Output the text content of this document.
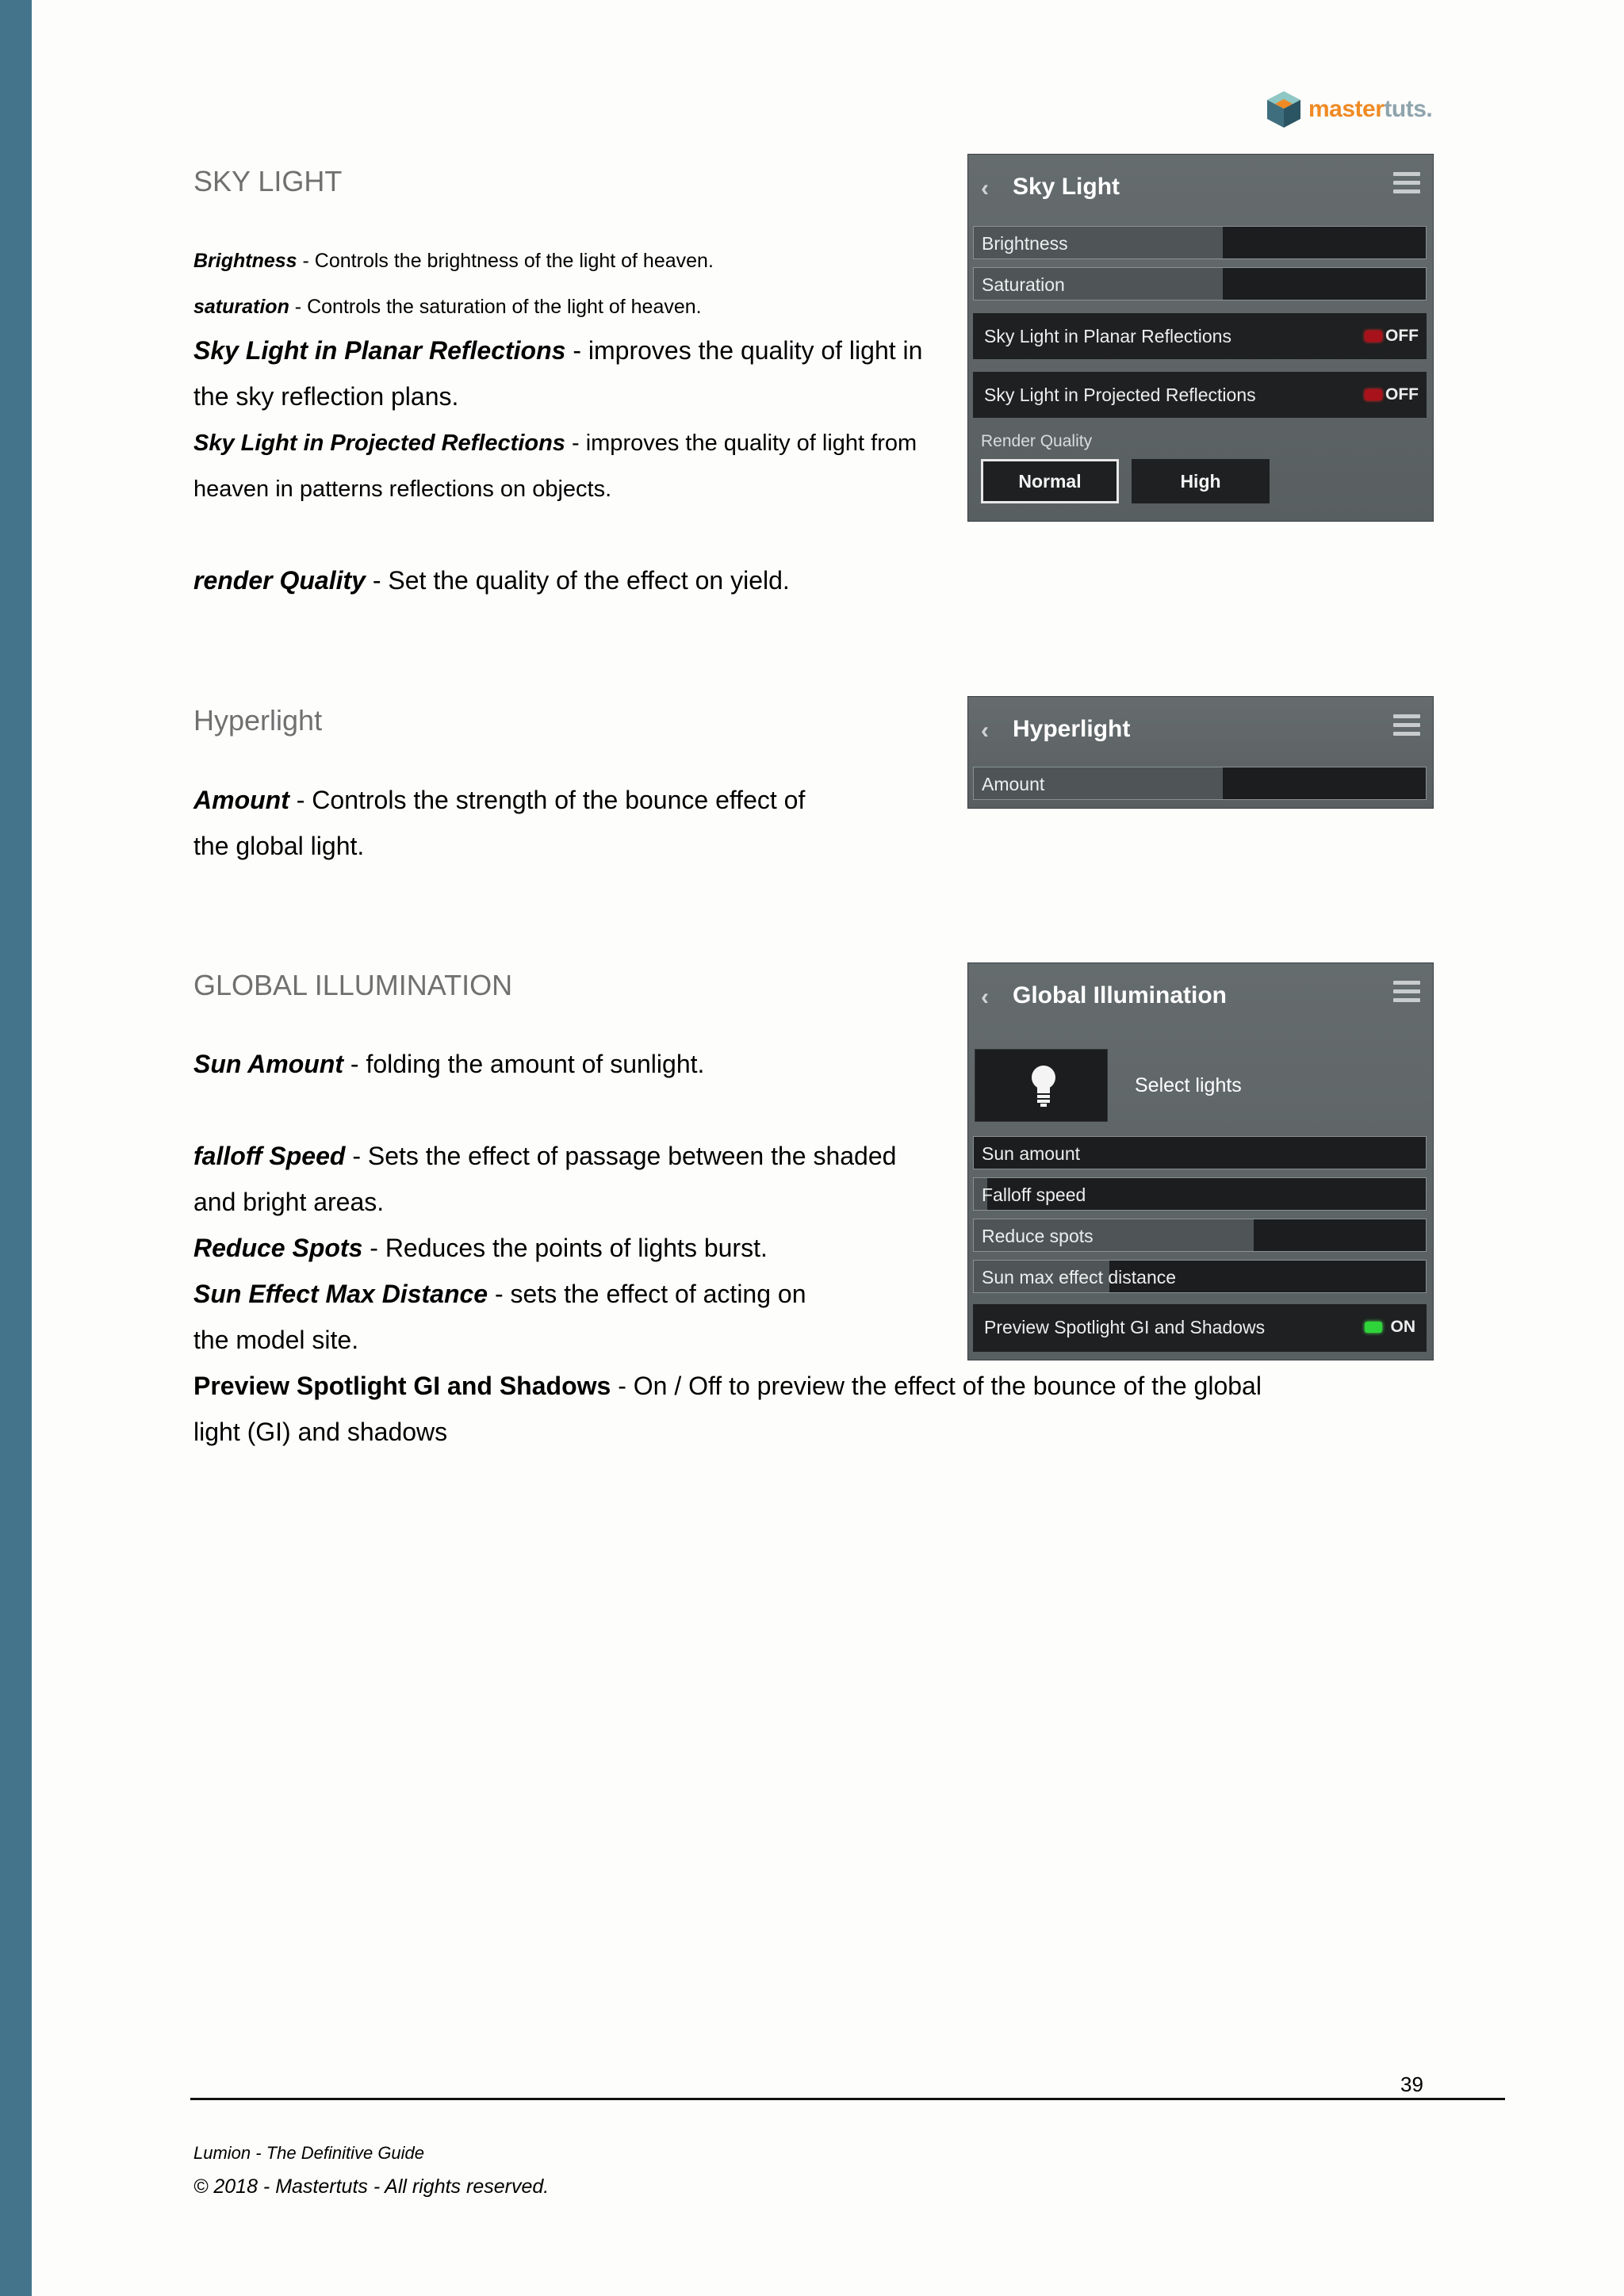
mastertuts.
SKY LIGHT
Brightness - Controls the brightness of the light of heaven.
saturation - Controls the saturation of the light of heaven.
Sky Light in Planar Reflections - improves the quality of light in
the sky reflection plans.
Sky Light in Projected Reflections - improves the quality of light from
heaven in patterns reflections on objects.
render Quality - Set the quality of the effect on yield.
‹ Sky Light
Brightness
Saturation
Sky Light in Planar Reflections	OFF
Sky Light in Projected Reflections	OFF
Render Quality
Normal	High
Hyperlight
Amount - Controls the strength of the bounce effect of
the global light.
‹ Hyperlight
Amount
GLOBAL ILLUMINATION
Sun Amount - folding the amount of sunlight.
falloff Speed - Sets the effect of passage between the shaded
and bright areas.
Reduce Spots - Reduces the points of lights burst.
Sun Effect Max Distance - sets the effect of acting on
the model site.
Preview Spotlight GI and Shadows - On / Off to preview the effect of the bounce of the global
light (GI) and shadows
‹ Global Illumination
Select lights
Sun amount
Falloff speed
Reduce spots
Sun max effect distance
Preview Spotlight GI and Shadows	ON
39
Lumion - The Definitive Guide
© 2018 - Mastertuts - All rights reserved.
